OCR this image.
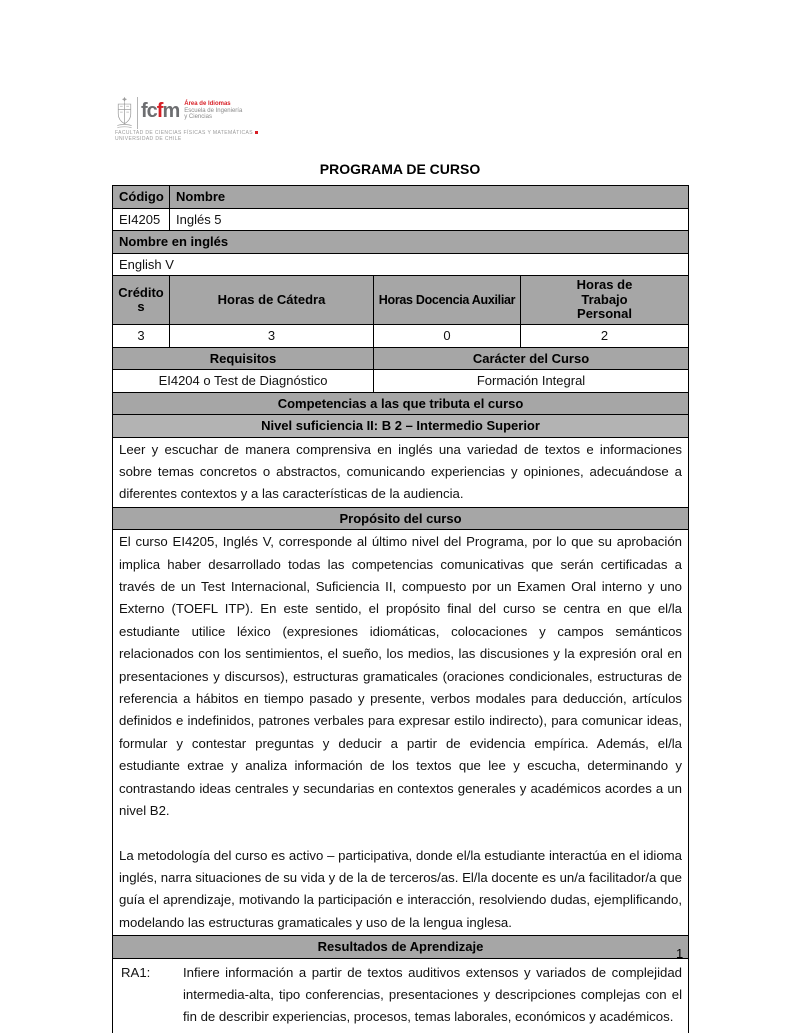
fcfm Área de Idiomas
Escuela de Ingeniería
y Ciencias
FACULTAD DE CIENCIAS FÍSICAS Y MATEMÁTICAS
UNIVERSIDAD DE CHILE
PROGRAMA DE CURSO
Código	Nombre		
EI4205	Inglés 5		
Nombre en inglés			
English V			
Créditos	Horas de Cátedra	Horas Docencia Auxiliar	Horas de Trabajo Personal
3	3	0	2
Requisitos		Carácter del Curso	
EI4204 o Test de Diagnóstico		Formación Integral	
Competencias a las que tributa el curso			
Nivel suficiencia II: B 2 – Intermedio Superior			

Leer y escuchar de manera comprensiva en inglés una variedad de textos e informaciones sobre temas concretos o abstractos, comunicando experiencias y opiniones, adecuándose a diferentes contextos y a las características de la audiencia.			

Propósito del curso			

El curso EI4205, Inglés V, corresponde al último nivel del Programa, por lo que su aprobación implica haber desarrollado todas las competencias comunicativas que serán certificadas a través de un Test Internacional, Suficiencia II, compuesto por un Examen Oral interno y uno Externo (TOEFL ITP). En este sentido, el propósito final del curso se centra en que el/la estudiante utilice léxico (expresiones idiomáticas, colocaciones y campos semánticos relacionados con los sentimientos, el sueño, los medios, las discusiones y la expresión oral en presentaciones y discursos), estructuras gramaticales (oraciones condicionales, estructuras de referencia a hábitos en tiempo pasado y presente, verbos modales para deducción, artículos definidos e indefinidos, patrones verbales para expresar estilo indirecto), para comunicar ideas, formular y contestar preguntas y deducir a partir de evidencia empírica. Además, el/la estudiante extrae y analiza información de los textos que lee y escucha, determinando y contrastando ideas centrales y secundarias en contextos generales y académicos acordes a un nivel B2.

La metodología del curso es activo – participativa, donde el/la estudiante interactúa en el idioma inglés, narra situaciones de su vida y de la de terceros/as. El/la docente es un/a facilitador/a que guía el aprendizaje, motivando la participación e interacción, resolviendo dudas, ejemplificando, modelando las estructuras gramaticales y uso de la lengua inglesa.			

Resultados de Aprendizaje			

RA1: Infiere información a partir de textos auditivos extensos y variados de complejidad intermedia-alta, tipo conferencias, presentaciones y descripciones complejas con el fin de describir experiencias, procesos, temas laborales, económicos y académicos.			
1
